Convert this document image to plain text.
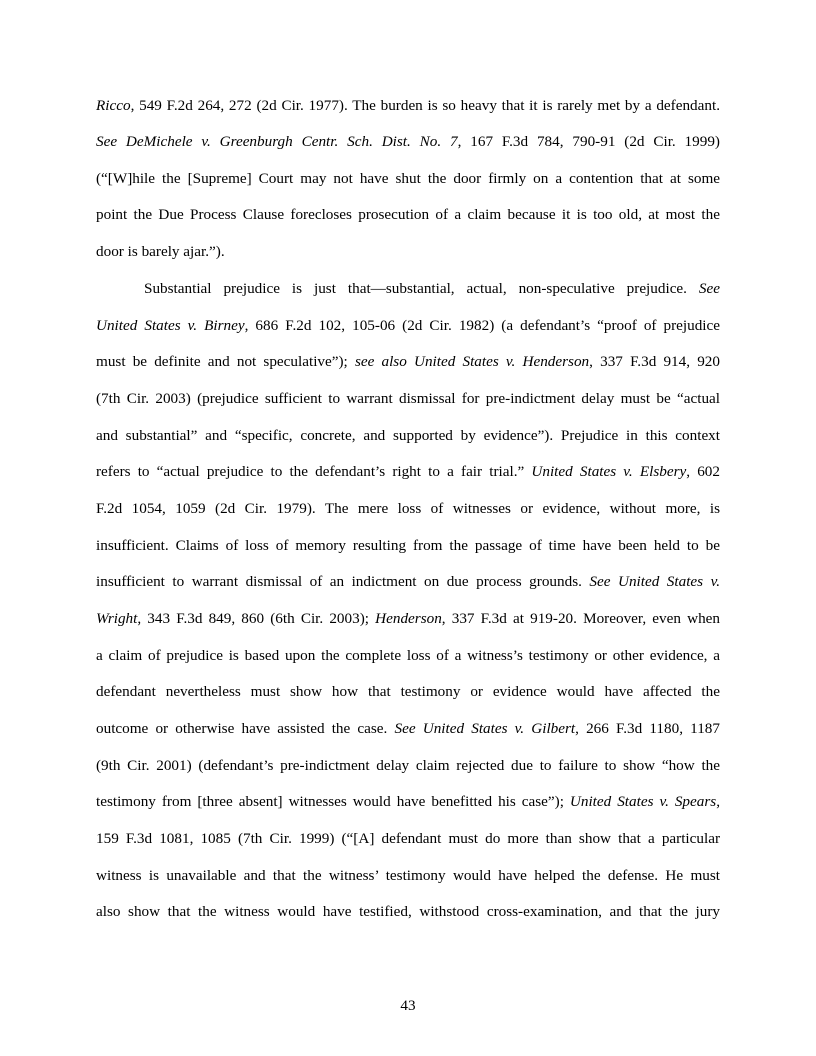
Ricco, 549 F.2d 264, 272 (2d Cir. 1977). The burden is so heavy that it is rarely met by a defendant.
See DeMichele v. Greenburgh Centr. Sch. Dist. No. 7, 167 F.3d 784, 790-91 (2d Cir. 1999)
(“[W]hile the [Supreme] Court may not have shut the door firmly on a contention that at some
point the Due Process Clause forecloses prosecution of a claim because it is too old, at most the
door is barely ajar.”).
Substantial prejudice is just that—substantial, actual, non-speculative prejudice. See
United States v. Birney, 686 F.2d 102, 105-06 (2d Cir. 1982) (a defendant’s “proof of prejudice
must be definite and not speculative”); see also United States v. Henderson, 337 F.3d 914, 920
(7th Cir. 2003) (prejudice sufficient to warrant dismissal for pre-indictment delay must be “actual
and substantial” and “specific, concrete, and supported by evidence”). Prejudice in this context
refers to “actual prejudice to the defendant’s right to a fair trial.” United States v. Elsbery, 602
F.2d 1054, 1059 (2d Cir. 1979). The mere loss of witnesses or evidence, without more, is
insufficient. Claims of loss of memory resulting from the passage of time have been held to be
insufficient to warrant dismissal of an indictment on due process grounds. See United States v.
Wright, 343 F.3d 849, 860 (6th Cir. 2003); Henderson, 337 F.3d at 919-20. Moreover, even when
a claim of prejudice is based upon the complete loss of a witness’s testimony or other evidence, a
defendant nevertheless must show how that testimony or evidence would have affected the
outcome or otherwise have assisted the case. See United States v. Gilbert, 266 F.3d 1180, 1187
(9th Cir. 2001) (defendant’s pre-indictment delay claim rejected due to failure to show “how the
testimony from [three absent] witnesses would have benefitted his case”); United States v. Spears,
159 F.3d 1081, 1085 (7th Cir. 1999) (“[A] defendant must do more than show that a particular
witness is unavailable and that the witness’ testimony would have helped the defense. He must
also show that the witness would have testified, withstood cross-examination, and that the jury
43
